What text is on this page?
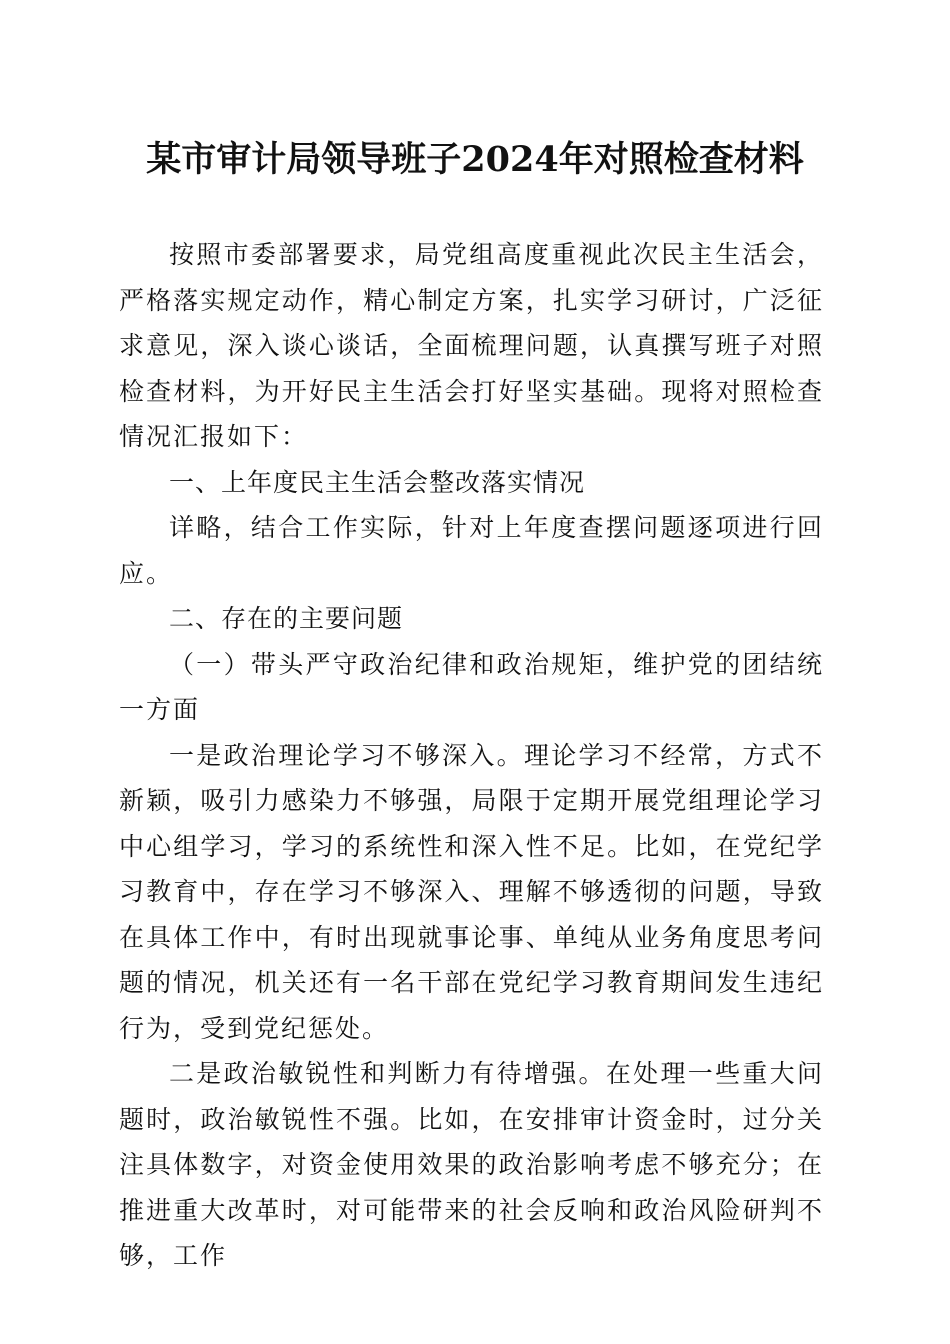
某市审计局领导班子2024年对照检查材料

按照市委部署要求，局党组高度重视此次民主生活会，严格落实规定动作，精心制定方案，扎实学习研讨，广泛征求意见，深入谈心谈话，全面梳理问题，认真撰写班子对照检查材料，为开好民主生活会打好坚实基础。现将对照检查情况汇报如下：

一、上年度民主生活会整改落实情况

详略，结合工作实际，针对上年度查摆问题逐项进行回应。

二、存在的主要问题

（一）带头严守政治纪律和政治规矩，维护党的团结统一方面

一是政治理论学习不够深入。理论学习不经常，方式不新颖，吸引力感染力不够强，局限于定期开展党组理论学习中心组学习，学习的系统性和深入性不足。比如，在党纪学习教育中，存在学习不够深入、理解不够透彻的问题，导致在具体工作中，有时出现就事论事、单纯从业务角度思考问题的情况，机关还有一名干部在党纪学习教育期间发生违纪行为，受到党纪惩处。

二是政治敏锐性和判断力有待增强。在处理一些重大问题时，政治敏锐性不强。比如，在安排审计资金时，过分关注具体数字，对资金使用效果的政治影响考虑不够充分；在推进重大改革时，对可能带来的社会反响和政治风险研判不够，工作
